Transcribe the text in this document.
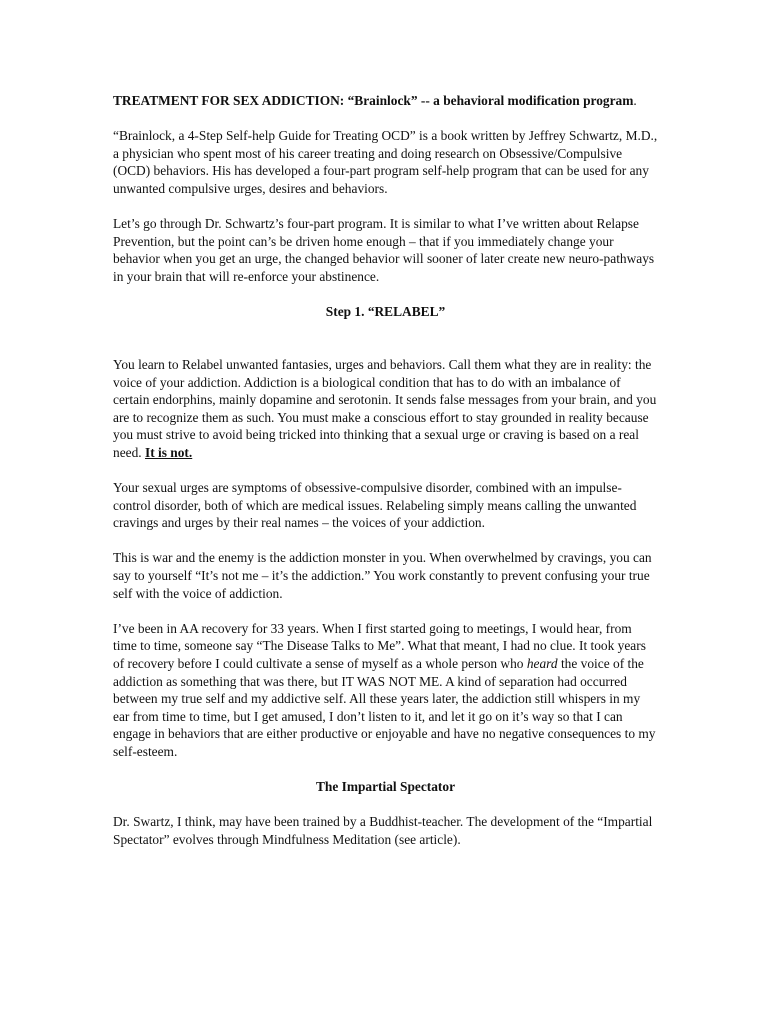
TREATMENT FOR SEX ADDICTION: “Brainlock” -- a behavioral modification program.

“Brainlock, a 4-Step Self-help Guide for Treating OCD” is a book written by Jeffrey Schwartz, M.D., a physician who spent most of his career treating and doing research on Obsessive/Compulsive (OCD) behaviors. His has developed a four-part program self-help program that can be used for any unwanted compulsive urges, desires and behaviors.

Let’s go through Dr. Schwartz’s four-part program. It is similar to what I’ve written about Relapse Prevention, but the point can’s be driven home enough – that if you immediately change your behavior when you get an urge, the changed behavior will sooner of later create new neuro-pathways in your brain that will re-enforce your abstinence.

Step 1. “RELABEL”

You learn to Relabel unwanted fantasies, urges and behaviors. Call them what they are in reality: the voice of your addiction. Addiction is a biological condition that has to do with an imbalance of certain endorphins, mainly dopamine and serotonin. It sends false messages from your brain, and you are to recognize them as such. You must make a conscious effort to stay grounded in reality because you must strive to avoid being tricked into thinking that a sexual urge or craving is based on a real need. It is not.

Your sexual urges are symptoms of obsessive-compulsive disorder, combined with an impulse-control disorder, both of which are medical issues. Relabeling simply means calling the unwanted cravings and urges by their real names – the voices of your addiction.

This is war and the enemy is the addiction monster in you. When overwhelmed by cravings, you can say to yourself “It’s not me – it’s the addiction.” You work constantly to prevent confusing your true self with the voice of addiction.

I’ve been in AA recovery for 33 years. When I first started going to meetings, I would hear, from time to time, someone say “The Disease Talks to Me”. What that meant, I had no clue. It took years of recovery before I could cultivate a sense of myself as a whole person who heard the voice of the addiction as something that was there, but IT WAS NOT ME. A kind of separation had occurred between my true self and my addictive self. All these years later, the addiction still whispers in my ear from time to time, but I get amused, I don’t listen to it, and let it go on it’s way so that I can engage in behaviors that are either productive or enjoyable and have no negative consequences to my self-esteem.

The Impartial Spectator

Dr. Swartz, I think, may have been trained by a Buddhist-teacher. The development of the “Impartial Spectator” evolves through Mindfulness Meditation (see article).
